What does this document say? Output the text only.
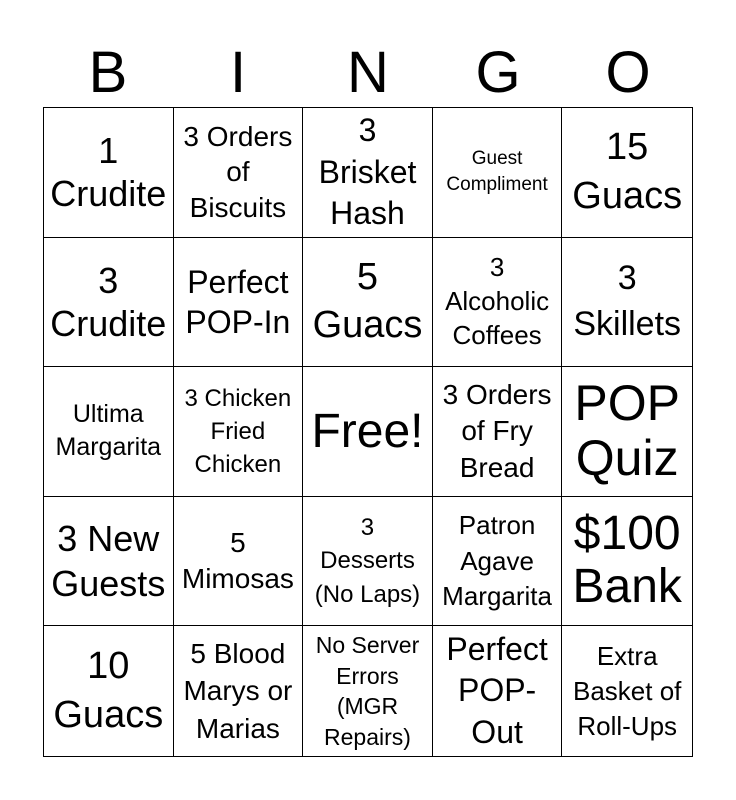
B	I	N	G	O
1
Crudite
3 Orders
of
Biscuits
3
Brisket
Hash
Guest
Compliment
15
Guacs
3
Crudite
Perfect
POP-In
5
Guacs
3
Alcoholic
Coffees
3
Skillets
Ultima
Margarita
3 Chicken
Fried
Chicken
Free!
3 Orders
of Fry
Bread
POP
Quiz
3 New
Guests
5
Mimosas
3
Desserts
(No Laps)
Patron
Agave
Margarita
$100
Bank
10
Guacs
5 Blood
Marys or
Marias
No Server
Errors
(MGR
Repairs)
Perfect
POP-
Out
Extra
Basket of
Roll-Ups
